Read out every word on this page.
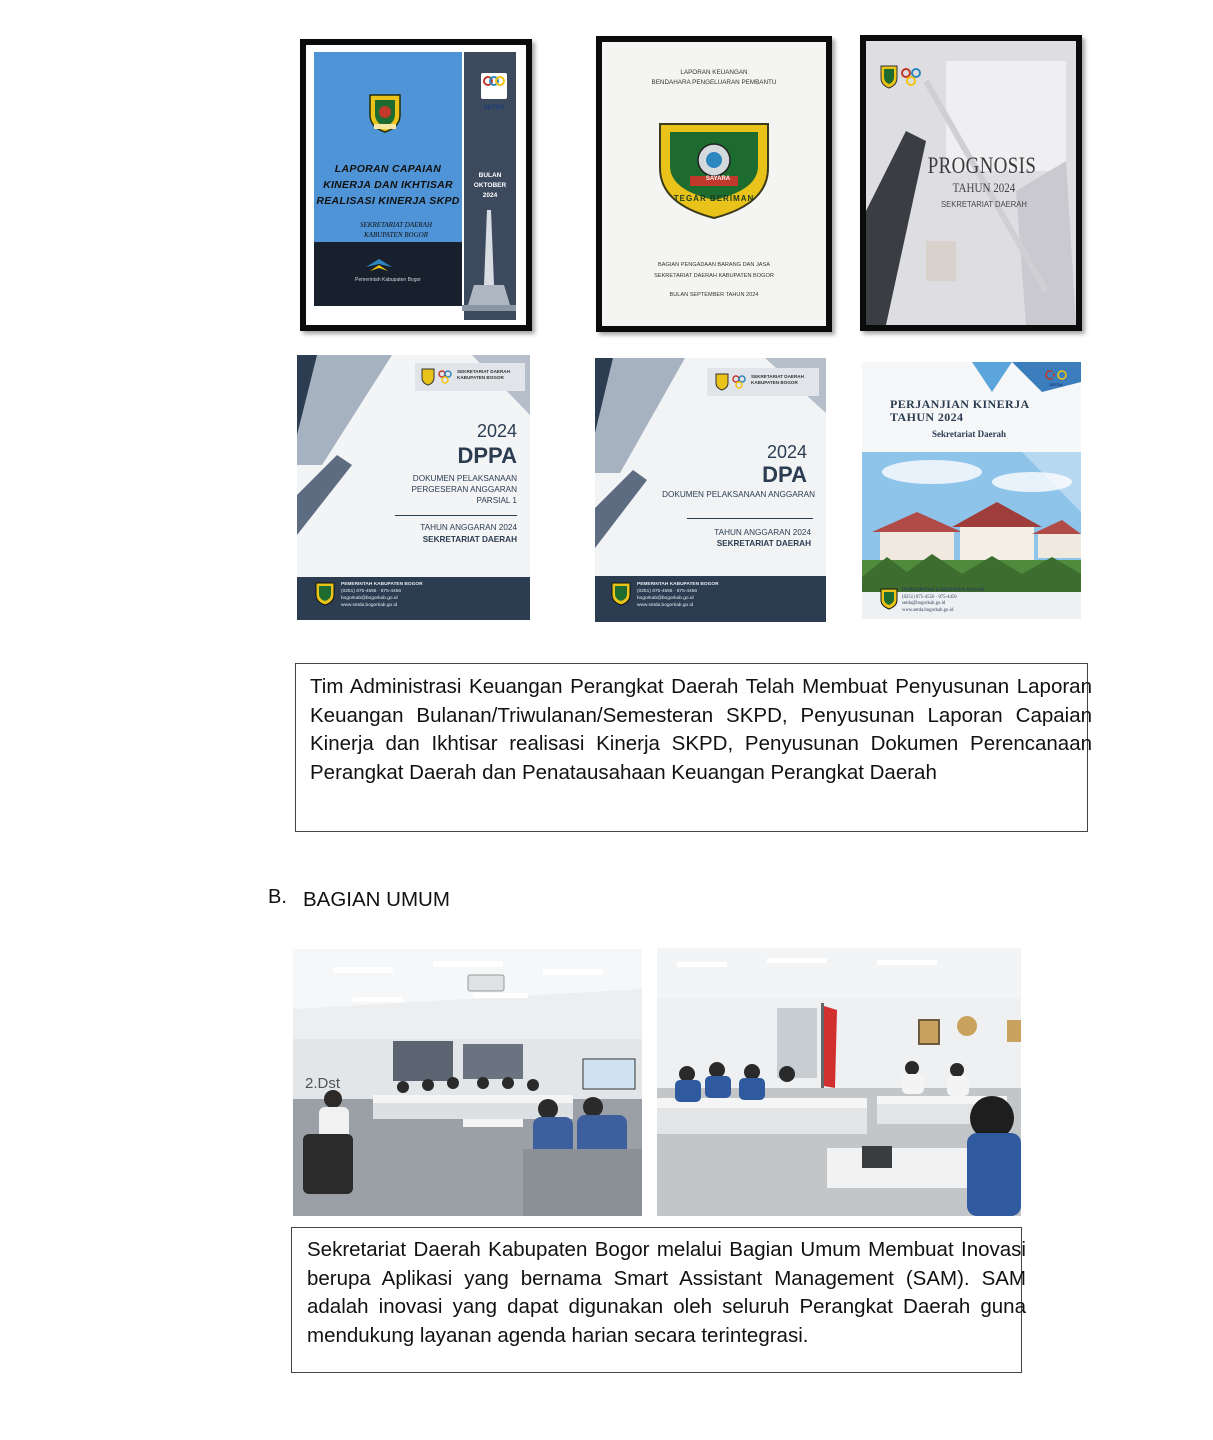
LAPORAN CAPAIAN
KINERJA DAN IKHTISAR
REALISASI KINERJA SKPD
SEKRETARIAT DAERAH
KABUPATEN BOGOR
SETDA
BULAN
OKTOBER
2024
Pemerintah Kabupaten Bogor
LAPORAN KEUANGAN
BENDAHARA PENGELUARAN PEMBANTU
SAYARA
TEGAR BERIMAN
BAGIAN PENGADAAN BARANG DAN JASA
SEKRETARIAT DAERAH KABUPATEN BOGOR
BULAN SEPTEMBER TAHUN 2024
PROGNOSIS
TAHUN 2024
SEKRETARIAT DAERAH
SEKRETARIAT DAERAH
KABUPATEN BOGOR
2024
DPPA
DOKUMEN PELAKSANAAN
PERGESERAN ANGGARAN
PARSIAL 1
TAHUN ANGGARAN 2024
SEKRETARIAT DAERAH
PEMERINTAH KABUPATEN BOGOR
(0251) 875-4556 · 875-4456
bogorkab@bogorkab.go.id
www.setda.bogorkab.go.id
SEKRETARIAT DAERAH
KABUPATEN BOGOR
2024
DPA
DOKUMEN PELAKSANAAN ANGGARAN
TAHUN ANGGARAN 2024
SEKRETARIAT DAERAH
PEMERINTAH KABUPATEN BOGOR
(0251) 875-4556 · 875-4456
bogorkab@bogorkab.go.id
www.setda.bogorkab.go.id
SETDA
PERJANJIAN KINERJA
TAHUN 2024
Sekretariat Daerah
PEMERINTAH KABUPATEN BOGOR
(0251) 875-4556 · 875-4456
setda@bogorkab.go.id
www.setda.bogorkab.go.id
Tim Administrasi Keuangan Perangkat Daerah Telah Membuat Penyusunan Laporan Keuangan Bulanan/Triwulanan/Semesteran SKPD, Penyusunan Laporan Capaian Kinerja dan Ikhtisar realisasi Kinerja SKPD, Penyusunan Dokumen Perencanaan Perangkat Daerah dan Penatausahaan Keuangan Perangkat Daerah
B. BAGIAN UMUM
2.Dst
Sekretariat Daerah Kabupaten Bogor melalui Bagian Umum Membuat Inovasi berupa Aplikasi yang bernama Smart Assistant Management (SAM). SAM adalah inovasi yang dapat digunakan oleh seluruh Perangkat Daerah guna mendukung layanan agenda harian secara terintegrasi.
